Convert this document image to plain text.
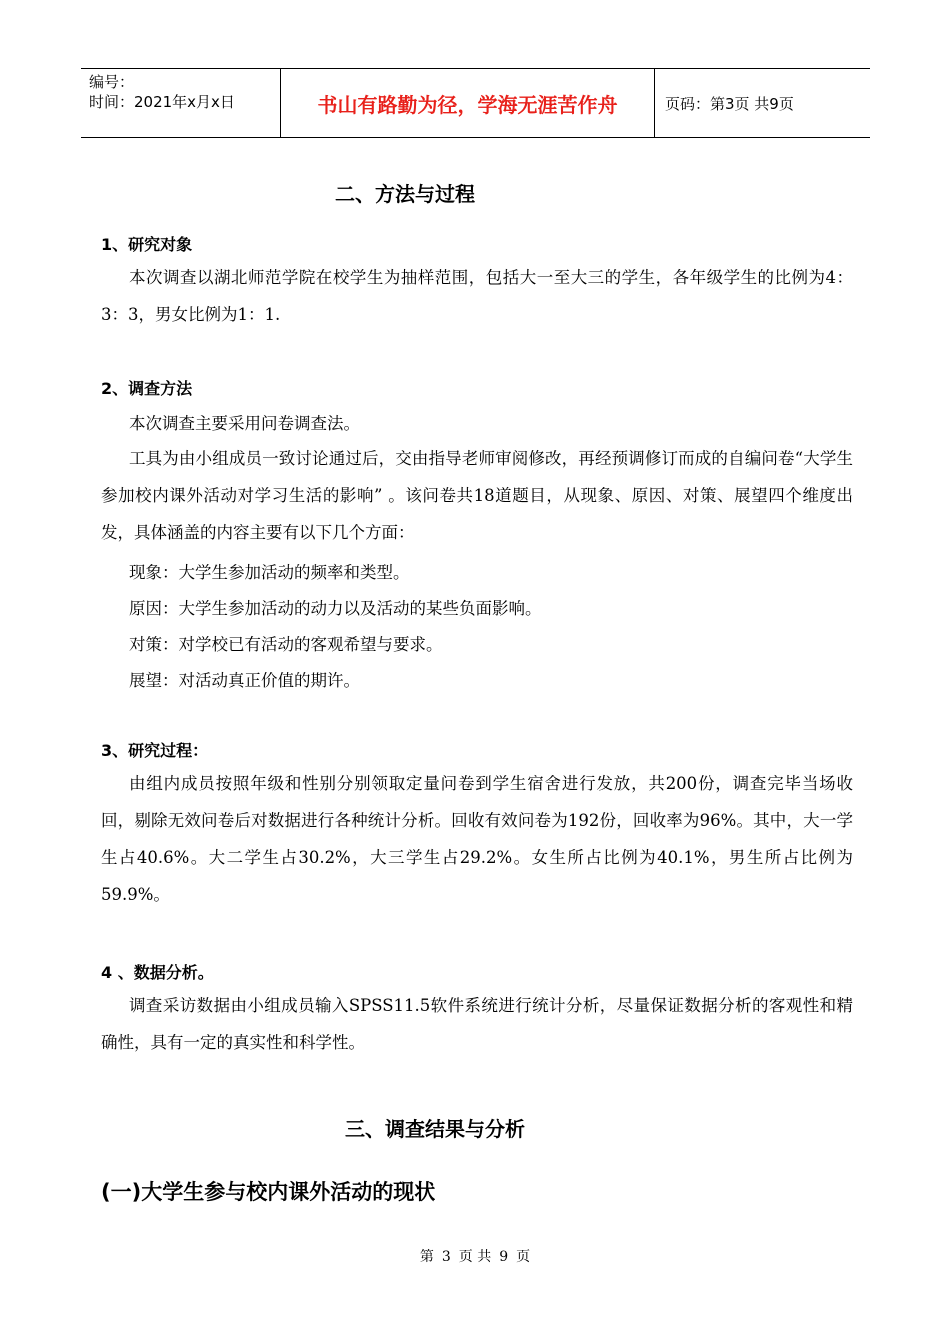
编号：
时间：2021年x月x日	书山有路勤为径，学海无涯苦作舟	页码：第3页 共9页
二、方法与过程
1、研究对象
本次调查以湖北师范学院在校学生为抽样范围，包括大一至大三的学生，各年级学生的比例为4：3：3，男女比例为1：1.
2、调查方法
本次调查主要采用问卷调查法。
工具为由小组成员一致讨论通过后，交由指导老师审阅修改，再经预调修订而成的自编问卷“大学生参加校内课外活动对学习生活的影响” 。该问卷共18道题目，从现象、原因、对策、展望四个维度出发，具体涵盖的内容主要有以下几个方面：
现象：大学生参加活动的频率和类型。
原因：大学生参加活动的动力以及活动的某些负面影响。
对策：对学校已有活动的客观希望与要求。
展望：对活动真正价值的期许。
3、研究过程：
由组内成员按照年级和性别分别领取定量问卷到学生宿舍进行发放，共200份，调查完毕当场收回，剔除无效问卷后对数据进行各种统计分析。回收有效问卷为192份，回收率为96%。其中，大一学生占40.6%。大二学生占30.2%，大三学生占29.2%。女生所占比例为40.1%，男生所占比例为59.9%。
4 、数据分析。
调查采访数据由小组成员输入SPSS11.5软件系统进行统计分析，尽量保证数据分析的客观性和精确性，具有一定的真实性和科学性。
三、调查结果与分析
(一)大学生参与校内课外活动的现状
第 3 页 共 9 页
